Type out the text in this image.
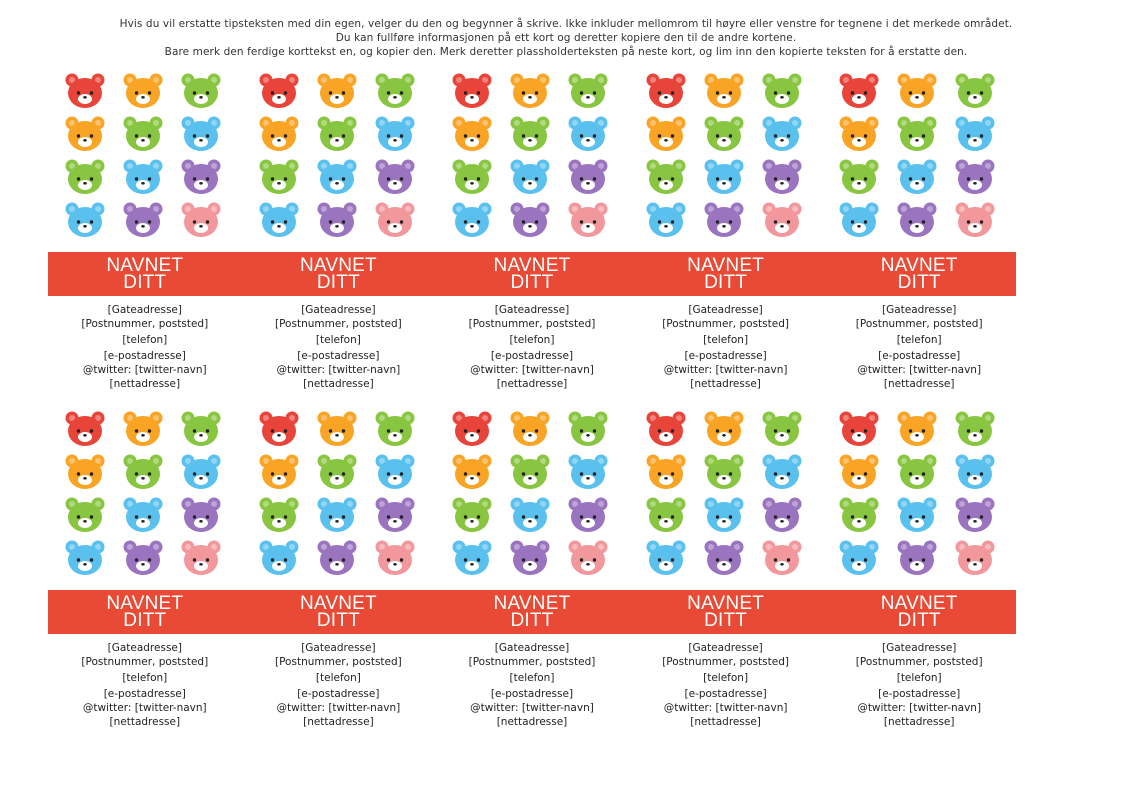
Hvis du vil erstatte tipsteksten med din egen, velger du den og begynner å skrive. Ikke inkluder mellomrom til høyre eller venstre for tegnene i det merkede området.
Du kan fullføre informasjonen på ett kort og deretter kopiere den til de andre kortene.
Bare merk den ferdige korttekst en, og kopier den. Merk deretter plassholderteksten på neste kort, og lim inn den kopierte teksten for å erstatte den.
[Gateadresse]
[Postnummer, poststed]
[telefon]
[e-postadresse]
@twitter: [twitter-navn]
[nettadresse]
[Gateadresse]
[Postnummer, poststed]
[telefon]
[e-postadresse]
@twitter: [twitter-navn]
[nettadresse]
[Gateadresse]
[Postnummer, poststed]
[telefon]
[e-postadresse]
@twitter: [twitter-navn]
[nettadresse]
[Gateadresse]
[Postnummer, poststed]
[telefon]
[e-postadresse]
@twitter: [twitter-navn]
[nettadresse]
[Gateadresse]
[Postnummer, poststed]
[telefon]
[e-postadresse]
@twitter: [twitter-navn]
[nettadresse]
NAVNET
DITT
NAVNET
DITT
NAVNET
DITT
NAVNET
DITT
NAVNET
DITT
[Gateadresse]
[Postnummer, poststed]
[telefon]
[e-postadresse]
@twitter: [twitter-navn]
[nettadresse]
[Gateadresse]
[Postnummer, poststed]
[telefon]
[e-postadresse]
@twitter: [twitter-navn]
[nettadresse]
[Gateadresse]
[Postnummer, poststed]
[telefon]
[e-postadresse]
@twitter: [twitter-navn]
[nettadresse]
[Gateadresse]
[Postnummer, poststed]
[telefon]
[e-postadresse]
@twitter: [twitter-navn]
[nettadresse]
[Gateadresse]
[Postnummer, poststed]
[telefon]
[e-postadresse]
@twitter: [twitter-navn]
[nettadresse]
NAVNET
DITT
NAVNET
DITT
NAVNET
DITT
NAVNET
DITT
NAVNET
DITT
